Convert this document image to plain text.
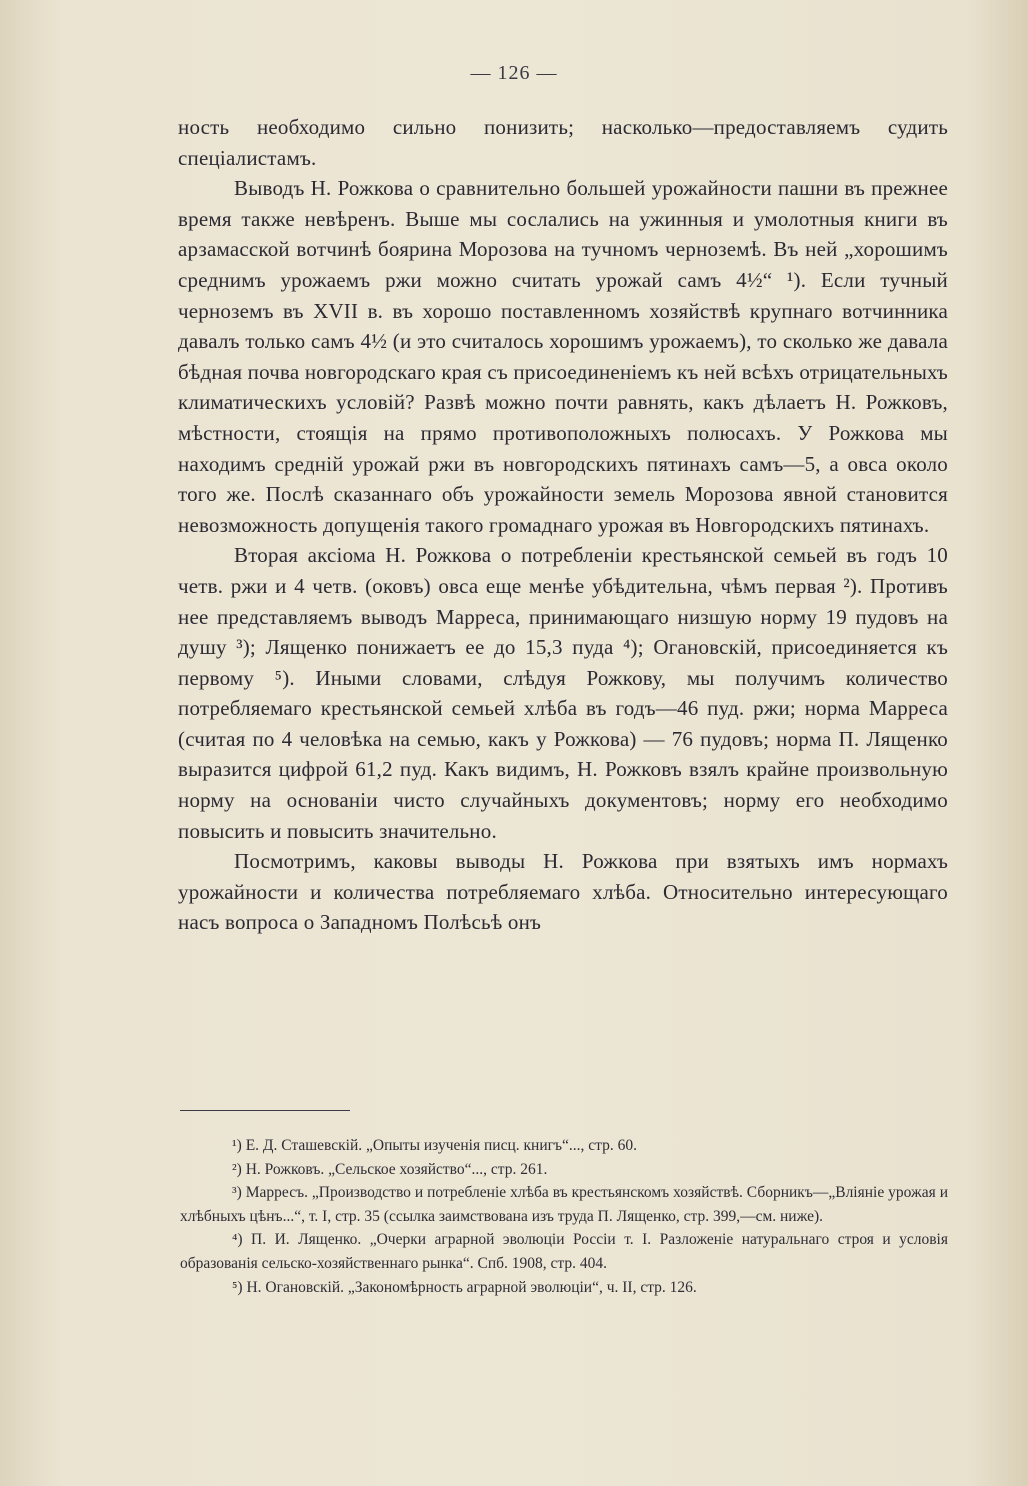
— 126 —

ность необходимо сильно понизить; насколько—предоставляемъ судить спеціалистамъ.

Выводъ Н. Рожкова о сравнительно большей урожайности пашни въ прежнее время также невѣренъ. Выше мы сослались на ужинныя и умолотныя книги въ арзамасской вотчинѣ боярина Морозова на тучномъ черноземѣ. Въ ней „хорошимъ среднимъ урожаемъ ржи можно считать урожай самъ 4½“ ¹). Если тучный черноземъ въ XVII в. въ хорошо поставленномъ хозяйствѣ крупнаго вотчинника давалъ только самъ 4½ (и это считалось хорошимъ урожаемъ), то сколько же давала бѣдная почва новгородскаго края съ присоединеніемъ къ ней всѣхъ отрицательныхъ климатическихъ условій? Развѣ можно почти равнять, какъ дѣлаетъ Н. Рожковъ, мѣстности, стоящія на прямо противоположныхъ полюсахъ. У Рожкова мы находимъ средній урожай ржи въ новгородскихъ пятинахъ самъ—5, а овса около того же. Послѣ сказаннаго объ урожайности земель Морозова явной становится невозможность допущенія такого громаднаго урожая въ Новгородскихъ пятинахъ.

Вторая аксіома Н. Рожкова о потребленіи крестьянской семьей въ годъ 10 четв. ржи и 4 четв. (оковъ) овса еще менѣе убѣдительна, чѣмъ первая ²). Противъ нее представляемъ выводъ Марреса, принимающаго низшую норму 19 пудовъ на душу ³); Лященко понижаетъ ее до 15,3 пуда ⁴); Огановскій, присоединяется къ первому ⁵). Иными словами, слѣдуя Рожкову, мы получимъ количество потребляемаго крестьянской семьей хлѣба въ годъ—46 пуд. ржи; норма Марреса (считая по 4 человѣка на семью, какъ у Рожкова) — 76 пудовъ; норма П. Лященко выразится цифрой 61,2 пуд. Какъ видимъ, Н. Рожковъ взялъ крайне произвольную норму на основаніи чисто случайныхъ документовъ; норму его необходимо повысить и повысить значительно.

Посмотримъ, каковы выводы Н. Рожкова при взятыхъ имъ нормахъ урожайности и количества потребляемаго хлѣба. Относительно интересующаго насъ вопроса о Западномъ Полѣсьѣ онъ

¹) Е. Д. Сташевскій. „Опыты изученія писц. книгъ“..., стр. 60.

²) Н. Рожковъ. „Сельское хозяйство“..., стр. 261.

³) Марресъ. „Производство и потребленіе хлѣба въ крестьянскомъ хозяйствѣ. Сборникъ—„Вліяніе урожая и хлѣбныхъ цѣнъ...“, т. I, стр. 35 (ссылка заимствована изъ труда П. Лященко, стр. 399,—см. ниже).

⁴) П. И. Лященко. „Очерки аграрной эволюціи Россіи т. I. Разложеніе натуральнаго строя и условія образованія сельско-хозяйственнаго рынка“. Спб. 1908, стр. 404.

⁵) Н. Огановскій. „Закономѣрность аграрной эволюціи“, ч. II, стр. 126.
